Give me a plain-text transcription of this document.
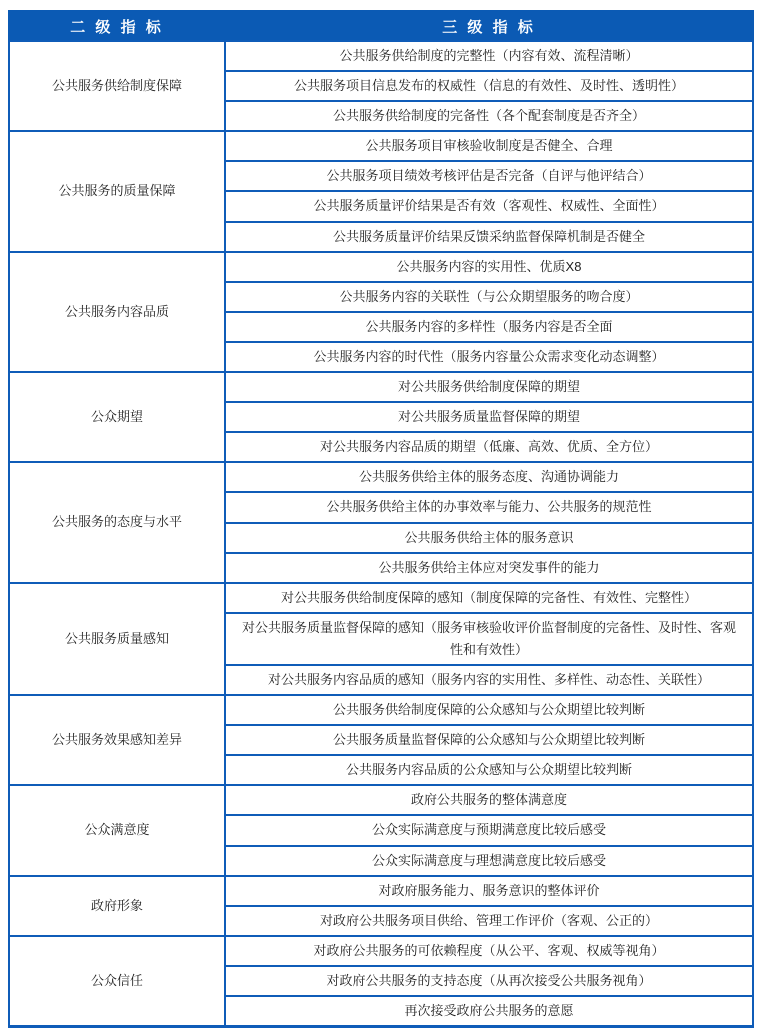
二 级 指 标	三 级 指 标
公共服务供给制度保障	公共服务供给制度的完整性（内容有效、流程清晰）
	公共服务项目信息发布的权威性（信息的有效性、及时性、透明性）
	公共服务供给制度的完备性（各个配套制度是否齐全）
公共服务的质量保障	公共服务项目审核验收制度是否健全、合理
	公共服务项目绩效考核评估是否完备（自评与他评结合）
	公共服务质量评价结果是否有效（客观性、权威性、全面性）
	公共服务质量评价结果反馈采纳监督保障机制是否健全
公共服务内容品质	公共服务内容的实用性、优质X8
	公共服务内容的关联性（与公众期望服务的吻合度）
	公共服务内容的多样性（服务内容是否全面
	公共服务内容的时代性（服务内容量公众需求变化动态调整）
公众期望	对公共服务供给制度保障的期望
	对公共服务质量监督保障的期望
	对公共服务内容品质的期望（低廉、高效、优质、全方位）
公共服务的态度与水平	公共服务供给主体的服务态度、沟通协调能力
	公共服务供给主体的办事效率与能力、公共服务的规范性
	公共服务供给主体的服务意识
	公共服务供给主体应对突发事件的能力
公共服务质量感知	对公共服务供给制度保障的感知（制度保障的完备性、有效性、完整性）
	对公共服务质量监督保障的感知（服务审核验收评价监督制度的完备性、及时性、客观性和有效性）
	对公共服务内容品质的感知（服务内容的实用性、多样性、动态性、关联性）
公共服务效果感知差异	公共服务供给制度保障的公众感知与公众期望比较判断
	公共服务质量监督保障的公众感知与公众期望比较判断
	公共服务内容品质的公众感知与公众期望比较判断
公众满意度	政府公共服务的整体满意度
	公众实际满意度与预期满意度比较后感受
	公众实际满意度与理想满意度比较后感受
政府形象	对政府服务能力、服务意识的整体评价
	对政府公共服务项目供给、管理工作评价（客观、公正的）
公众信任	对政府公共服务的可依赖程度（从公平、客观、权威等视角）
	对政府公共服务的支持态度（从再次接受公共服务视角）
	再次接受政府公共服务的意愿
